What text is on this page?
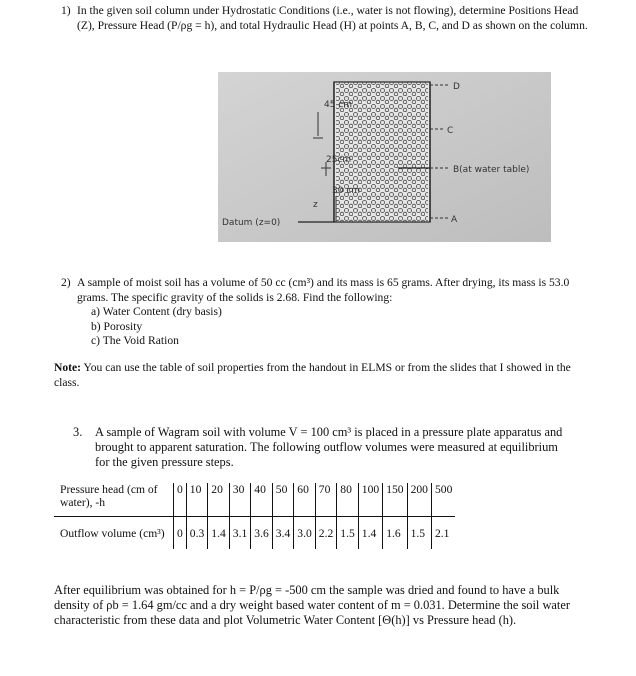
1) In the given soil column under Hydrostatic Conditions (i.e., water is not flowing), determine Positions Head (Z), Pressure Head (P/ρg = h), and total Hydraulic Head (H) at points A, B, C, and D as shown on the column.
45 cm
25cm
30 cm
D
C
B(at water table)
A
z
Datum (z=0)
2) A sample of moist soil has a volume of 50 cc (cm³) and its mass is 65 grams. After drying, its mass is 53.0 grams. The specific gravity of the solids is 2.68. Find the following:
a) Water Content (dry basis)
b) Porosity
c) The Void Ration
Note: You can use the table of soil properties from the handout in ELMS or from the slides that I showed in the class.
3. A sample of Wagram soil with volume V = 100 cm³ is placed in a pressure plate apparatus and brought to apparent saturation. The following outflow volumes were measured at equilibrium for the given pressure steps.
Pressure head (cm of water), -h	0	10	20	30	40	50	60	70	80	100	150	200	500
Outflow volume (cm³)	0	0.3	1.4	3.1	3.6	3.4	3.0	2.2	1.5	1.4	1.6	1.5	2.1
After equilibrium was obtained for h = P/ρg = -500 cm the sample was dried and found to have a bulk density of ρb = 1.64 gm/cc and a dry weight based water content of m = 0.031. Determine the soil water characteristic from these data and plot Volumetric Water Content [Θ(h)] vs Pressure head (h).
